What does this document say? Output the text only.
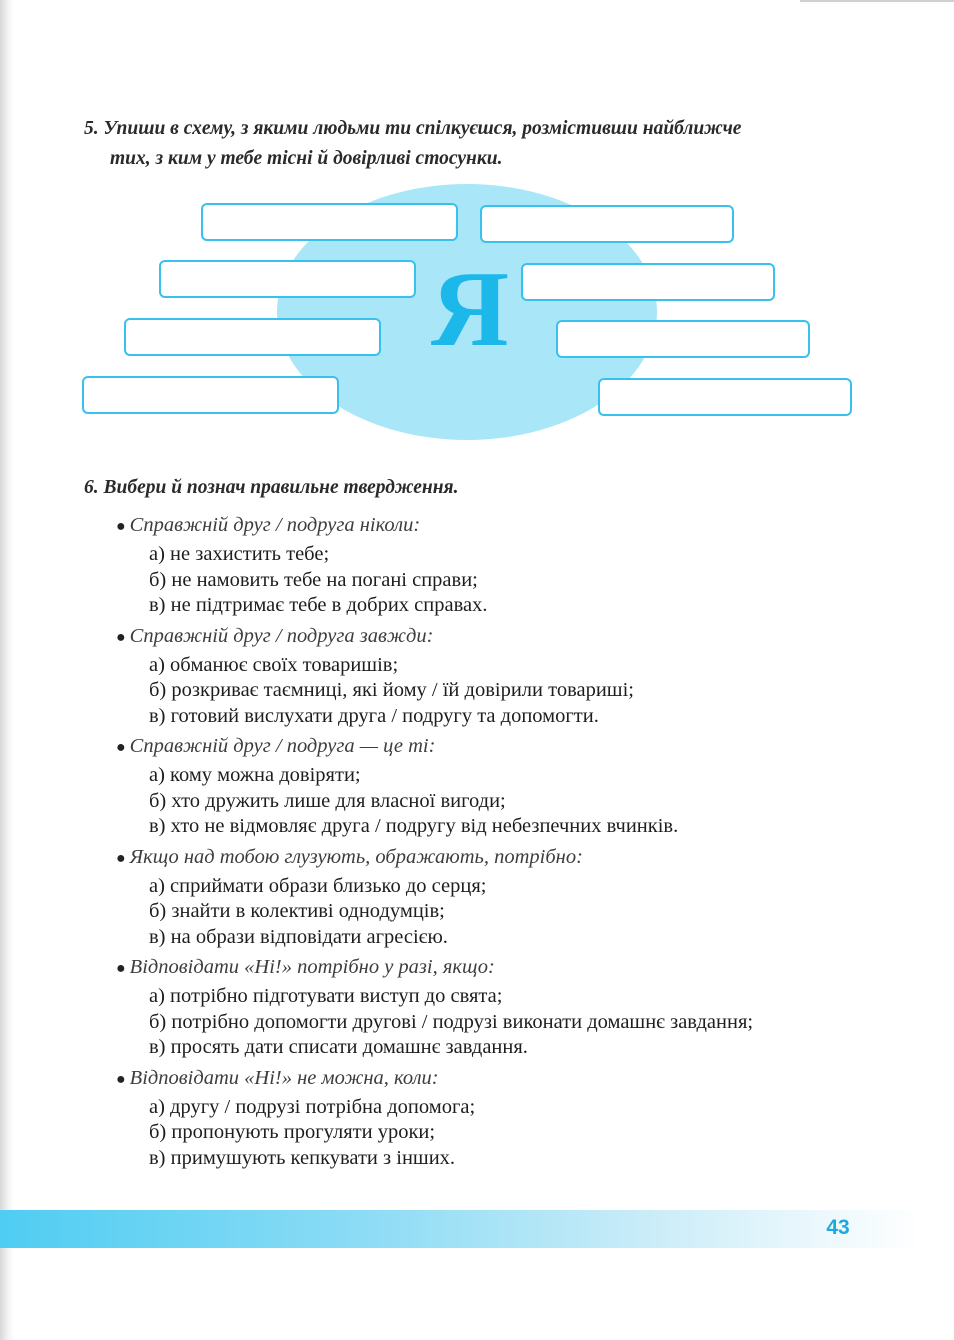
5. Упиши в схему, з якими людьми ти спілкуєшся, розмістивши найближче
тих, з ким у тебе тісні й довірливі стосунки.
Я
6. Вибери й познач правильне твердження.
● Справжній друг / подруга ніколи:
а) не захистить тебе;
б) не намовить тебе на погані справи;
в) не підтримає тебе в добрих справах.
● Справжній друг / подруга завжди:
а) обманює своїх товаришів;
б) розкриває таємниці, які йому / їй довірили товариші;
в) готовий вислухати друга / подругу та допомогти.
● Справжній друг / подруга — це ті:
а) кому можна довіряти;
б) хто дружить лише для власної вигоди;
в) хто не відмовляє друга / подругу від небезпечних вчинків.
● Якщо над тобою глузують, ображають, потрібно:
а) сприймати образи близько до серця;
б) знайти в колективі однодумців;
в) на образи відповідати агресією.
● Відповідати «Ні!» потрібно у разі, якщо:
а) потрібно підготувати виступ до свята;
б) потрібно допомогти другові / подрузі виконати домашнє завдання;
в) просять дати списати домашнє завдання.
● Відповідати «Ні!» не можна, коли:
а) другу / подрузі потрібна допомога;
б) пропонують прогуляти уроки;
в) примушують кепкувати з інших.
43
